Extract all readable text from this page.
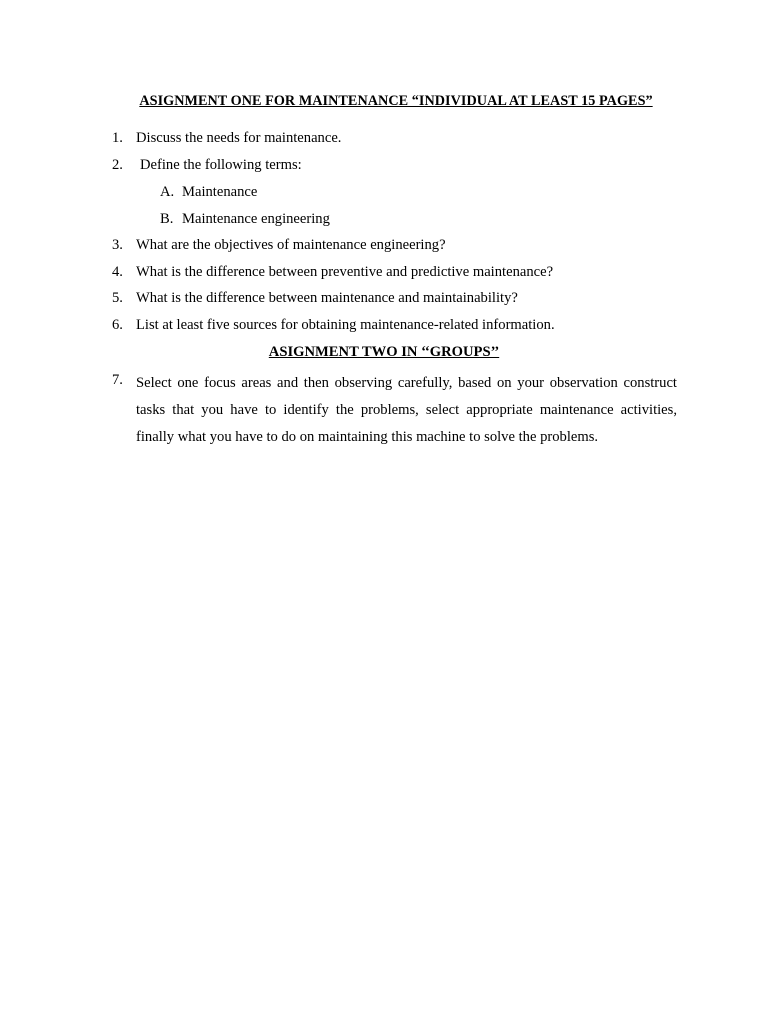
ASIGNMENT ONE FOR MAINTENANCE “INDIVIDUAL AT LEAST 15 PAGES”
1. Discuss the needs for maintenance.
2. Define the following terms:
A. Maintenance
B. Maintenance engineering
3. What are the objectives of maintenance engineering?
4. What is the difference between preventive and predictive maintenance?
5. What is the difference between maintenance and maintainability?
6. List at least five sources for obtaining maintenance-related information.
ASIGNMENT TWO IN ‘‘GROUPS’’
7. Select one focus areas and then observing carefully, based on your observation construct tasks that you have to identify the problems, select appropriate maintenance activities, finally what you have to do on maintaining this machine to solve the problems.
